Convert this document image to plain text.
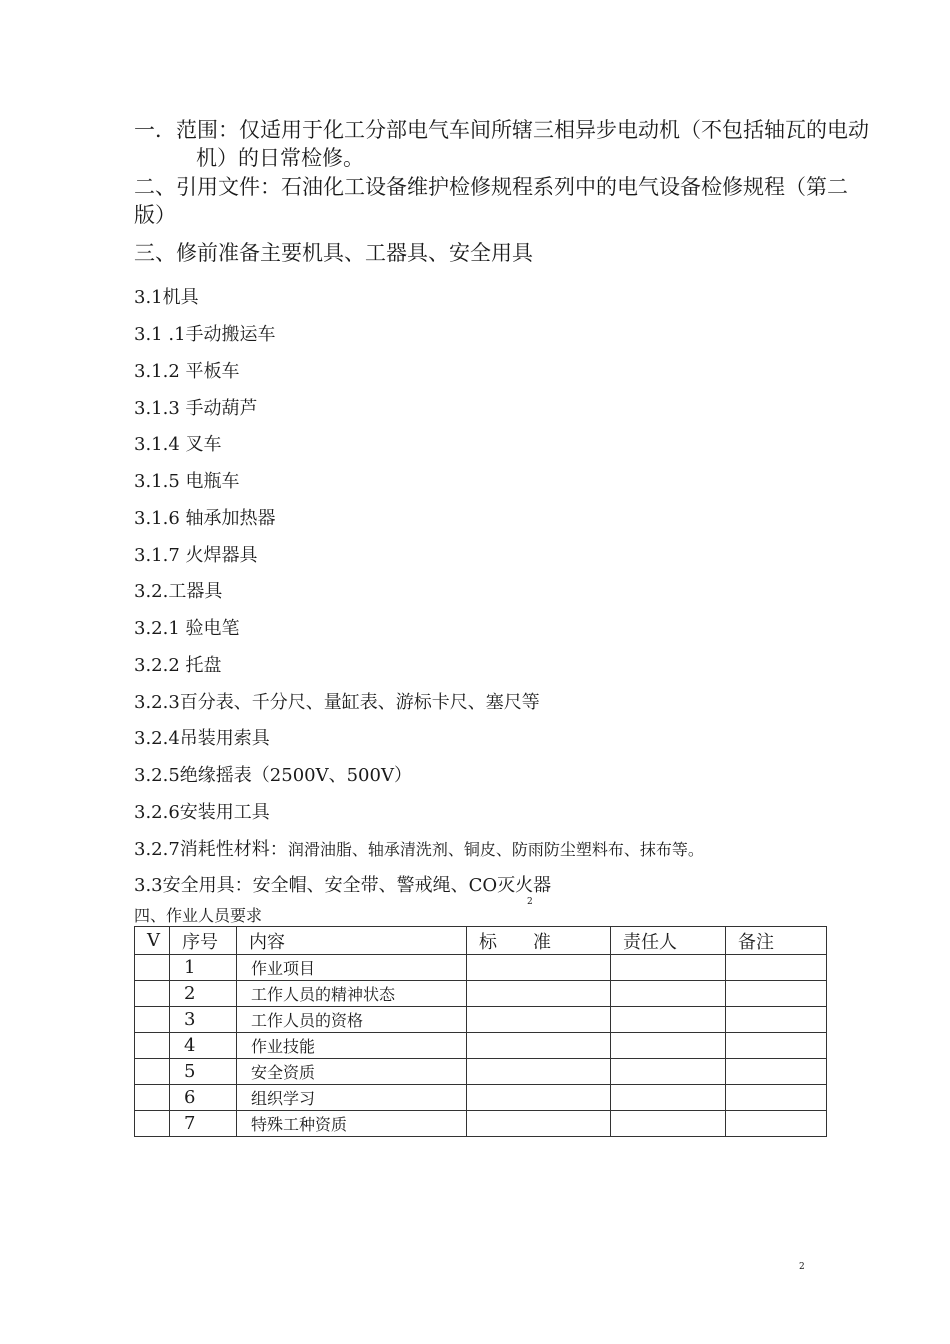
一．范围：仅适用于化工分部电气车间所辖三相异步电动机（不包括轴瓦的电动
机）的日常检修。
二、引用文件：石油化工设备维护检修规程系列中的电气设备检修规程（第二
版）
三、修前准备主要机具、工器具、安全用具
3.1机具
3.1 .1手动搬运车
3.1.2 平板车
3.1.3 手动葫芦
3.1.4 叉车
3.1.5 电瓶车
3.1.6 轴承加热器
3.1.7 火焊器具
3.2.工器具
3.2.1 验电笔
3.2.2 托盘
3.2.3百分表、千分尺、量缸表、游标卡尺、塞尺等
3.2.4吊装用索具
3.2.5绝缘摇表（2500V、500V）
3.2.6安装用工具
3.2.7消耗性材料：润滑油脂、轴承清洗剂、铜皮、防雨防尘塑料布、抹布等。
3.3安全用具：安全帽、安全带、警戒绳、CO灭火器
2
四、作业人员要求
V	序号	内容	标　　准	责任人	备注
	1	作业项目			
	2	工作人员的精神状态			
	3	工作人员的资格			
	4	作业技能			
	5	安全资质			
	6	组织学习			
	7	特殊工种资质			
2
